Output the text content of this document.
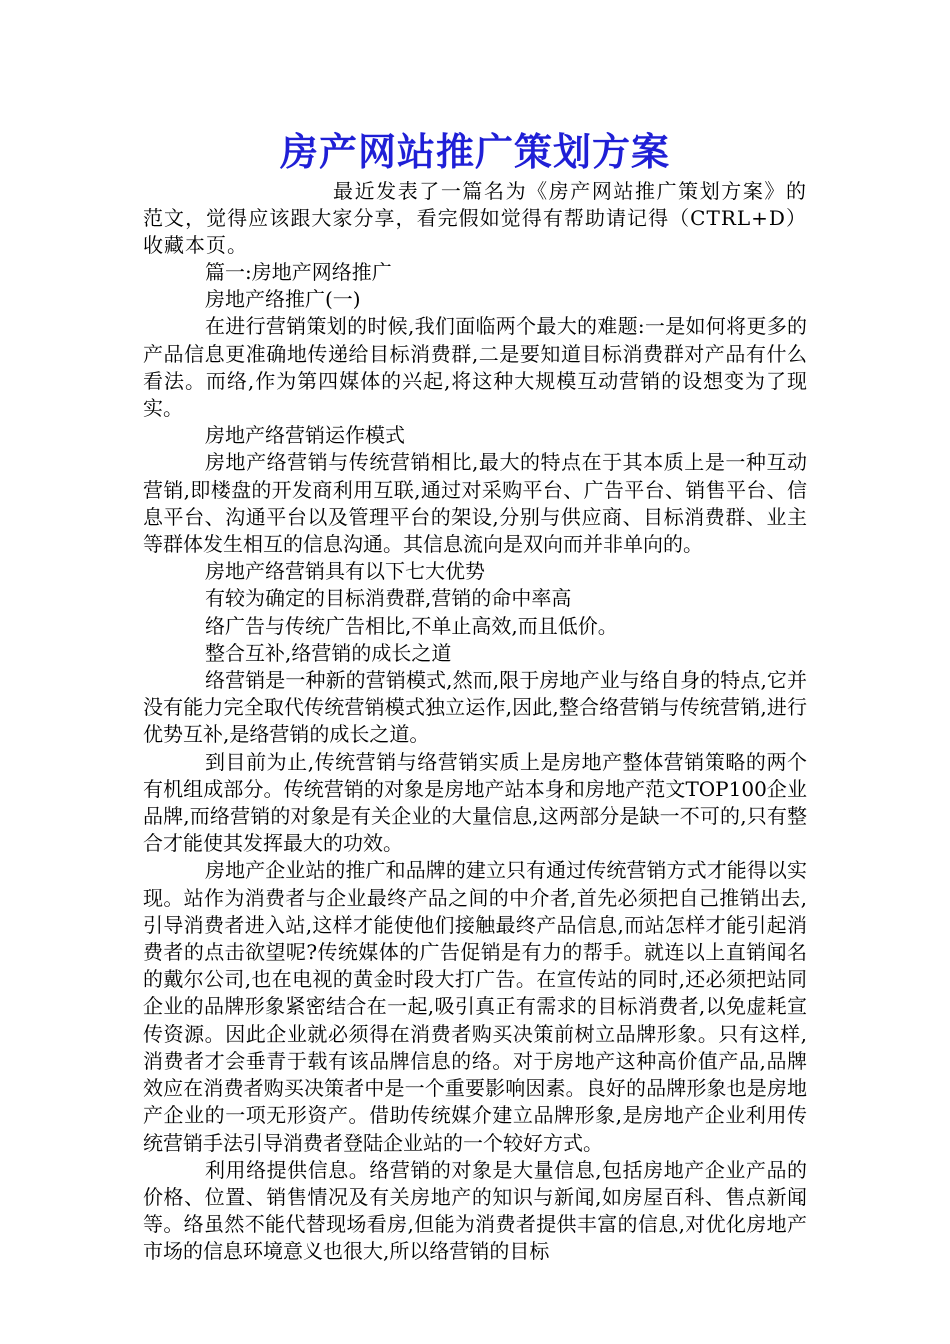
房产网站推广策划方案

最近发表了一篇名为《房产网站推广策划方案》的范文，觉得应该跟大家分享，看完假如觉得有帮助请记得（CTRL+D）收藏本页。

篇一:房地产网络推广

房地产络推广(一)

在进行营销策划的时候,我们面临两个最大的难题:一是如何将更多的产品信息更准确地传递给目标消费群,二是要知道目标消费群对产品有什么看法。而络,作为第四媒体的兴起,将这种大规模互动营销的设想变为了现实。

房地产络营销运作模式

房地产络营销与传统营销相比,最大的特点在于其本质上是一种互动营销,即楼盘的开发商利用互联,通过对采购平台、广告平台、销售平台、信息平台、沟通平台以及管理平台的架设,分别与供应商、目标消费群、业主等群体发生相互的信息沟通。其信息流向是双向而并非单向的。

房地产络营销具有以下七大优势

有较为确定的目标消费群,营销的命中率高

络广告与传统广告相比,不单止高效,而且低价。

整合互补,络营销的成长之道

络营销是一种新的营销模式,然而,限于房地产业与络自身的特点,它并没有能力完全取代传统营销模式独立运作,因此,整合络营销与传统营销,进行优势互补,是络营销的成长之道。

到目前为止,传统营销与络营销实质上是房地产整体营销策略的两个有机组成部分。传统营销的对象是房地产站本身和房地产范文TOP100企业品牌,而络营销的对象是有关企业的大量信息,这两部分是缺一不可的,只有整合才能使其发挥最大的功效。

房地产企业站的推广和品牌的建立只有通过传统营销方式才能得以实现。站作为消费者与企业最终产品之间的中介者,首先必须把自己推销出去,引导消费者进入站,这样才能使他们接触最终产品信息,而站怎样才能引起消费者的点击欲望呢?传统媒体的广告促销是有力的帮手。就连以上直销闻名的戴尔公司,也在电视的黄金时段大打广告。在宣传站的同时,还必须把站同企业的品牌形象紧密结合在一起,吸引真正有需求的目标消费者,以免虚耗宣传资源。因此企业就必须得在消费者购买决策前树立品牌形象。只有这样,消费者才会垂青于载有该品牌信息的络。对于房地产这种高价值产品,品牌效应在消费者购买决策者中是一个重要影响因素。良好的品牌形象也是房地产企业的一项无形资产。借助传统媒介建立品牌形象,是房地产企业利用传统营销手法引导消费者登陆企业站的一个较好方式。

利用络提供信息。络营销的对象是大量信息,包括房地产企业产品的价格、位置、销售情况及有关房地产的知识与新闻,如房屋百科、售点新闻等。络虽然不能代替现场看房,但能为消费者提供丰富的信息,对优化房地产市场的信息环境意义也很大,所以络营销的目标
